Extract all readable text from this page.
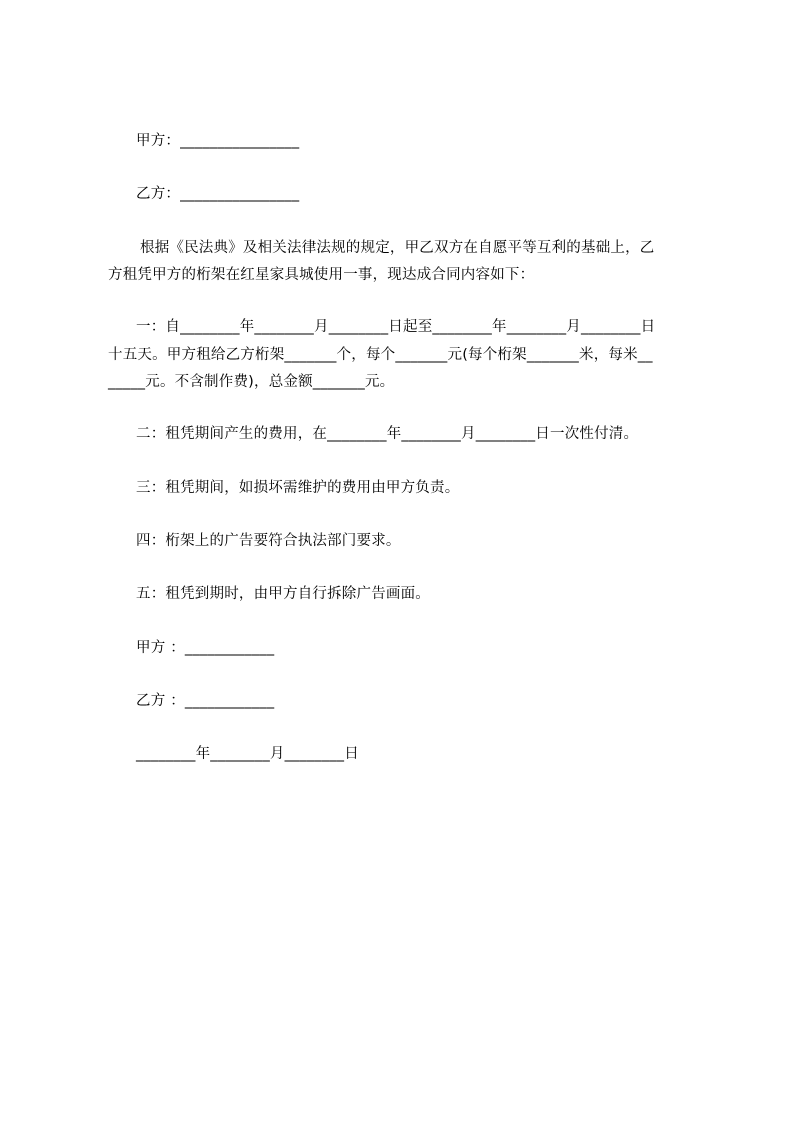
甲方：________________
乙方：________________
根据《民法典》及相关法律法规的规定，甲乙双方在自愿平等互利的基础上，乙
方租凭甲方的桁架在红星家具城使用一事，现达成合同内容如下：
一：自________年________月________日起至________年________月________日
十五天。甲方租给乙方桁架_______个，每个_______元(每个桁架_______米，每米__
_____元。不含制作费)，总金额_______元。
二：租凭期间产生的费用，在________年________月________日一次性付清。
三：租凭期间，如损坏需维护的费用由甲方负责。
四：桁架上的广告要符合执法部门要求。
五：租凭到期时，由甲方自行拆除广告画面。
甲方 ：____________
乙方 ：____________
________年________月________日
